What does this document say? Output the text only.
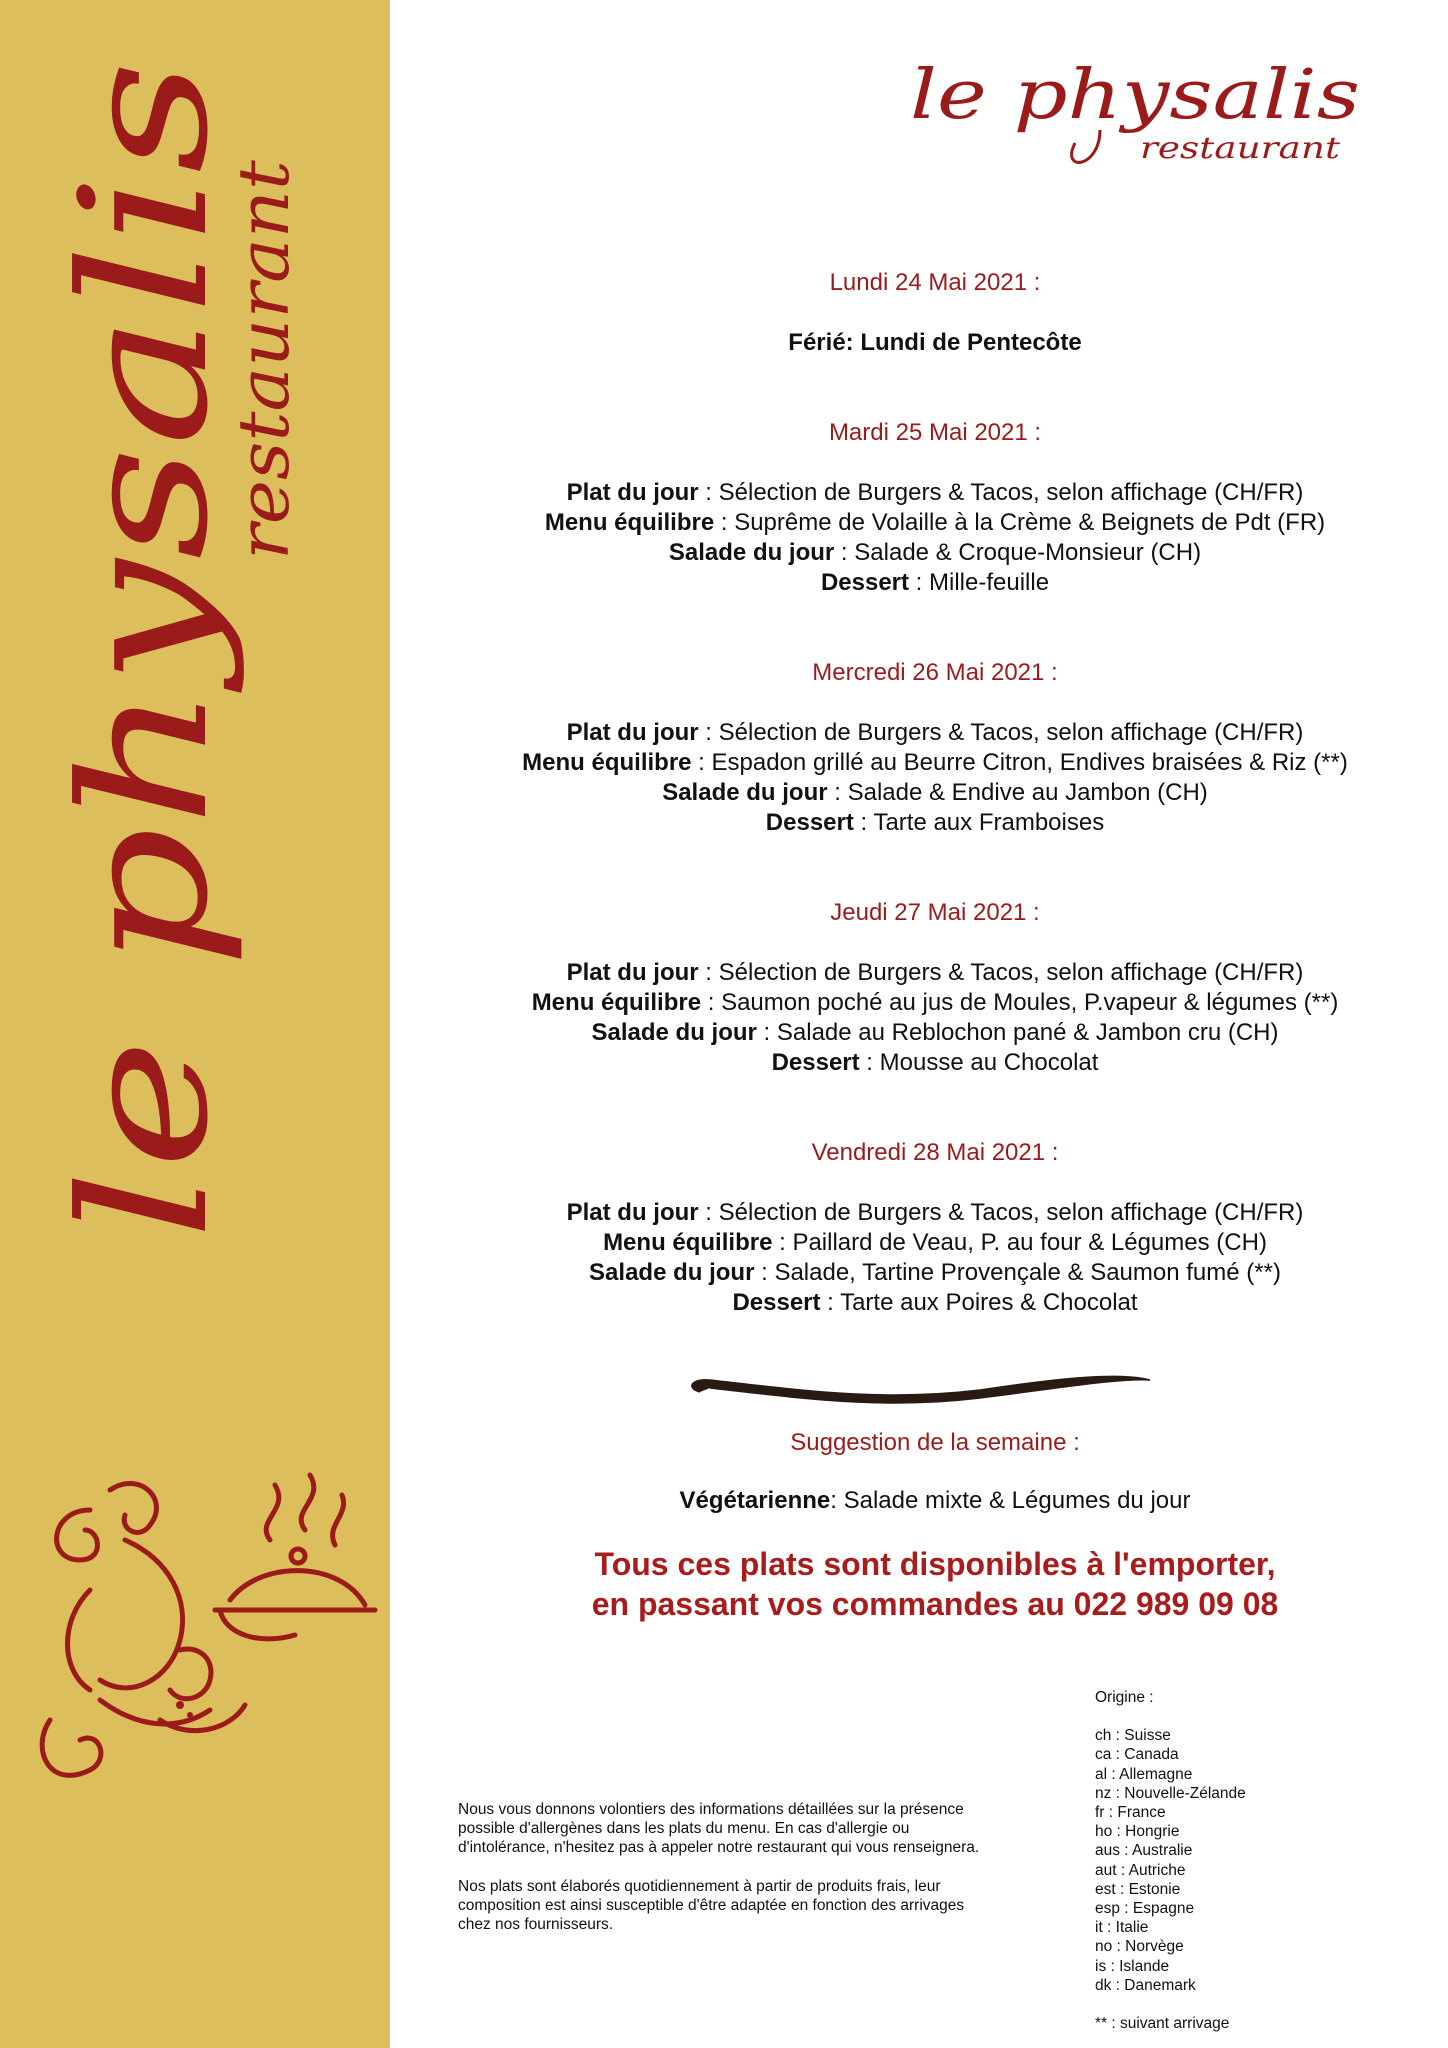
le physalis
restaurant
le physalis
restaurant

Lundi 24 Mai 2021 :

Férié: Lundi de Pentecôte

Mardi 25 Mai 2021 :

Plat du jour : Sélection de Burgers & Tacos, selon affichage (CH/FR)
Menu équilibre : Suprême de Volaille à la Crème & Beignets de Pdt (FR)
Salade du jour : Salade & Croque-Monsieur (CH)
Dessert : Mille-feuille

Mercredi 26 Mai 2021 :

Plat du jour : Sélection de Burgers & Tacos, selon affichage (CH/FR)
Menu équilibre : Espadon grillé au Beurre Citron, Endives braisées & Riz (**)
Salade du jour : Salade & Endive au Jambon (CH)
Dessert : Tarte aux Framboises

Jeudi 27 Mai 2021 :

Plat du jour : Sélection de Burgers & Tacos, selon affichage (CH/FR)
Menu équilibre : Saumon poché au jus de Moules, P.vapeur & légumes (**)
Salade du jour : Salade au Reblochon pané & Jambon cru (CH)
Dessert : Mousse au Chocolat

Vendredi 28 Mai 2021 :

Plat du jour : Sélection de Burgers & Tacos, selon affichage (CH/FR)
Menu équilibre : Paillard de Veau, P. au four & Légumes (CH)
Salade du jour : Salade, Tartine Provençale & Saumon fumé (**)
Dessert : Tarte aux Poires & Chocolat
Suggestion de la semaine :
Végétarienne: Salade mixte & Légumes du jour
Tous ces plats sont disponibles à l'emporter,
en passant vos commandes au 022 989 09 08

Nous vous donnons volontiers des informations détaillées sur la présence possible d'allergènes dans les plats du menu. En cas d'allergie ou d'intolérance, n'hesitez pas à appeler notre restaurant qui vous renseignera.

Nos plats sont élaborés quotidiennement à partir de produits frais, leur composition est ainsi susceptible d'être adaptée en fonction des arrivages chez nos fournisseurs.

Origine :
ch : Suisse
ca : Canada
al : Allemagne
nz : Nouvelle-Zélande
fr : France
ho : Hongrie
aus : Australie
aut : Autriche
est : Estonie
esp : Espagne
it : Italie
no : Norvège
is : Islande
dk : Danemark
** : suivant arrivage
